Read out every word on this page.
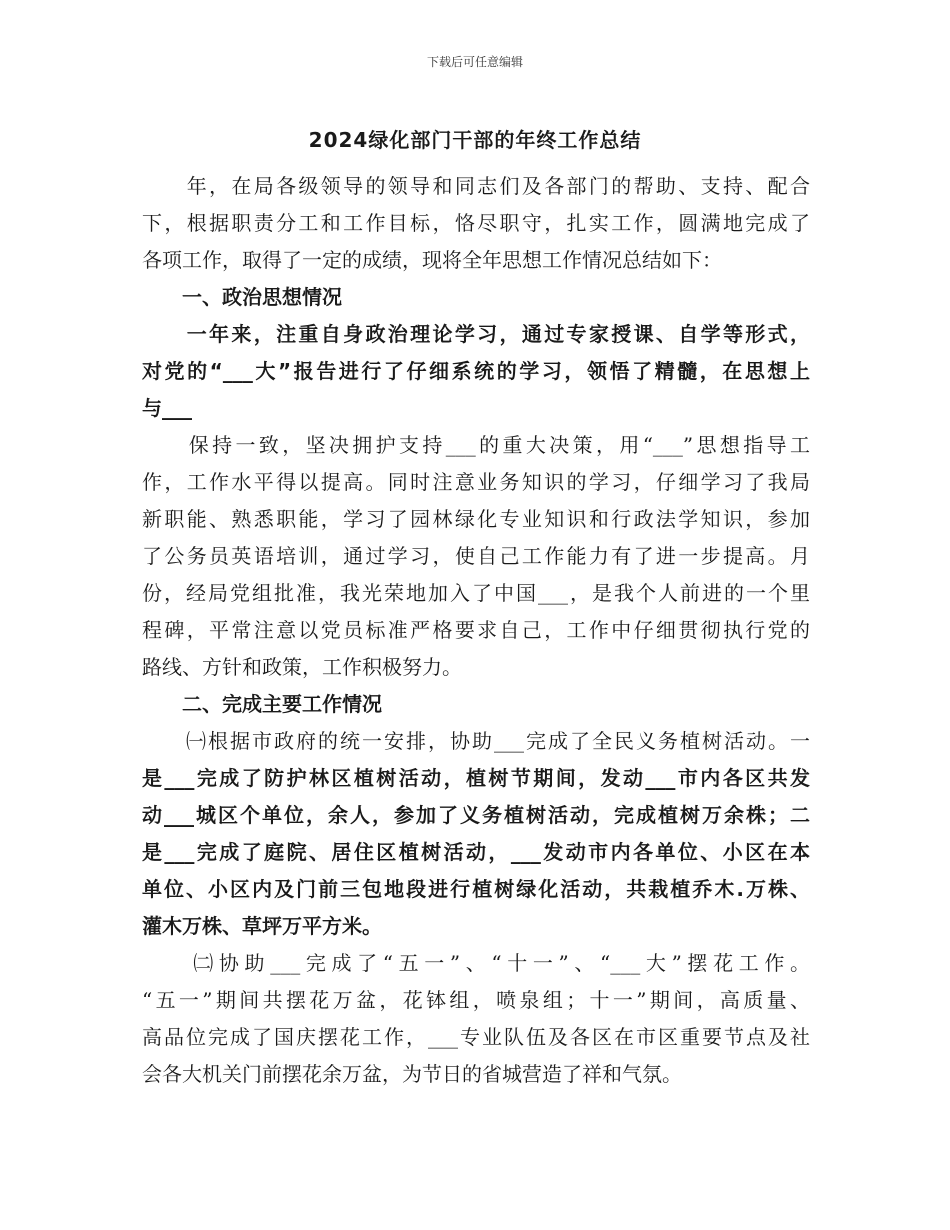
下载后可任意编辑
2024绿化部门干部的年终工作总结
　　年，在局各级领导的领导和同志们及各部门的帮助、支持、配合
下，根据职责分工和工作目标，恪尽职守，扎实工作，圆满地完成了
各项工作，取得了一定的成绩，现将全年思想工作情况总结如下：
　　一、政治思想情况
　　一年来，注重自身政治理论学习，通过专家授课、自学等形式，
对党的“___大”报告进行了仔细系统的学习，领悟了精髓，在思想上
与___
　　保持一致，坚决拥护支持___的重大决策，用“___”思想指导工
作，工作水平得以提高。同时注意业务知识的学习，仔细学习了我局
新职能、熟悉职能，学习了园林绿化专业知识和行政法学知识，参加
了公务员英语培训，通过学习，使自己工作能力有了进一步提高。月
份，经局党组批准，我光荣地加入了中国___，是我个人前进的一个里
程碑，平常注意以党员标准严格要求自己，工作中仔细贯彻执行党的
路线、方针和政策，工作积极努力。
　　二、完成主要工作情况
　　㈠根据市政府的统一安排，协助___完成了全民义务植树活动。一
是___完成了防护林区植树活动，植树节期间，发动___市内各区共发
动___城区个单位，余人，参加了义务植树活动，完成植树万余株；二
是___完成了庭院、居住区植树活动，___发动市内各单位、小区在本
单位、小区内及门前三包地段进行植树绿化活动，共栽植乔木.万株、
灌木万株、草坪万平方米。
　　㈡协助___完成了“五一”、“十一”、“___大”摆花工作。
“五一”期间共摆花万盆，花钵组，喷泉组；十一”期间，高质量、
高品位完成了国庆摆花工作，___专业队伍及各区在市区重要节点及社
会各大机关门前摆花余万盆，为节日的省城营造了祥和气氛。
